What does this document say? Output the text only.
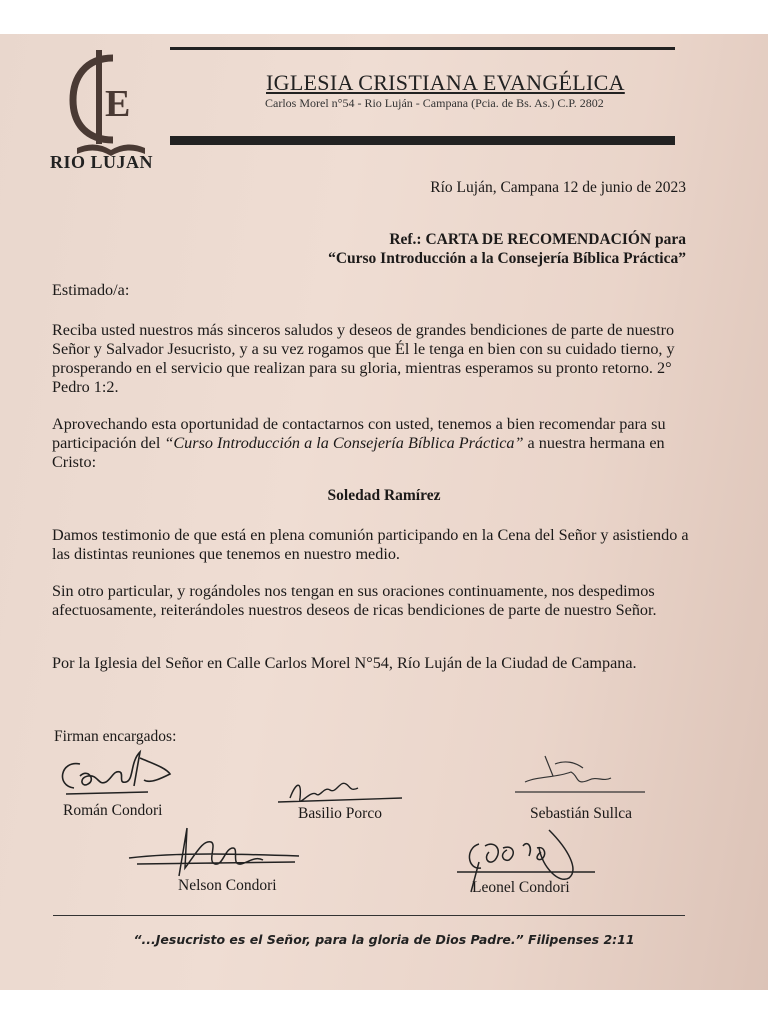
E
RIO LUJAN
IGLESIA CRISTIANA EVANGÉLICA
Carlos Morel n°54 - Rio Luján - Campana (Pcia. de Bs. As.) C.P. 2802
Río Luján, Campana 12 de junio de 2023
Ref.: CARTA DE RECOMENDACIÓN para
“Curso Introducción a la Consejería Bíblica Práctica”
Estimado/a:
Reciba usted nuestros más sinceros saludos y deseos de grandes bendiciones de parte de nuestro Señor y Salvador Jesucristo, y a su vez rogamos que Él le tenga en bien con su cuidado tierno, y prosperando en el servicio que realizan para su gloria, mientras esperamos su pronto retorno. 2° Pedro 1:2.
Aprovechando esta oportunidad de contactarnos con usted, tenemos a bien recomendar para su participación del “Curso Introducción a la Consejería Bíblica Práctica” a nuestra hermana en Cristo:
Soledad Ramírez
Damos testimonio de que está en plena comunión participando en la Cena del Señor y asistiendo a las distintas reuniones que tenemos en nuestro medio.
Sin otro particular, y rogándoles nos tengan en sus oraciones continuamente, nos despedimos afectuosamente, reiterándoles nuestros deseos de ricas bendiciones de parte de nuestro Señor.
Por la Iglesia del Señor en Calle Carlos Morel N°54, Río Luján de la Ciudad de Campana.
Firman encargados:
Román Condori	Basilio Porco	Sebastián Sullca
Nelson Condori	Leonel Condori
“...Jesucristo es el Señor, para la gloria de Dios Padre.” Filipenses 2:11
